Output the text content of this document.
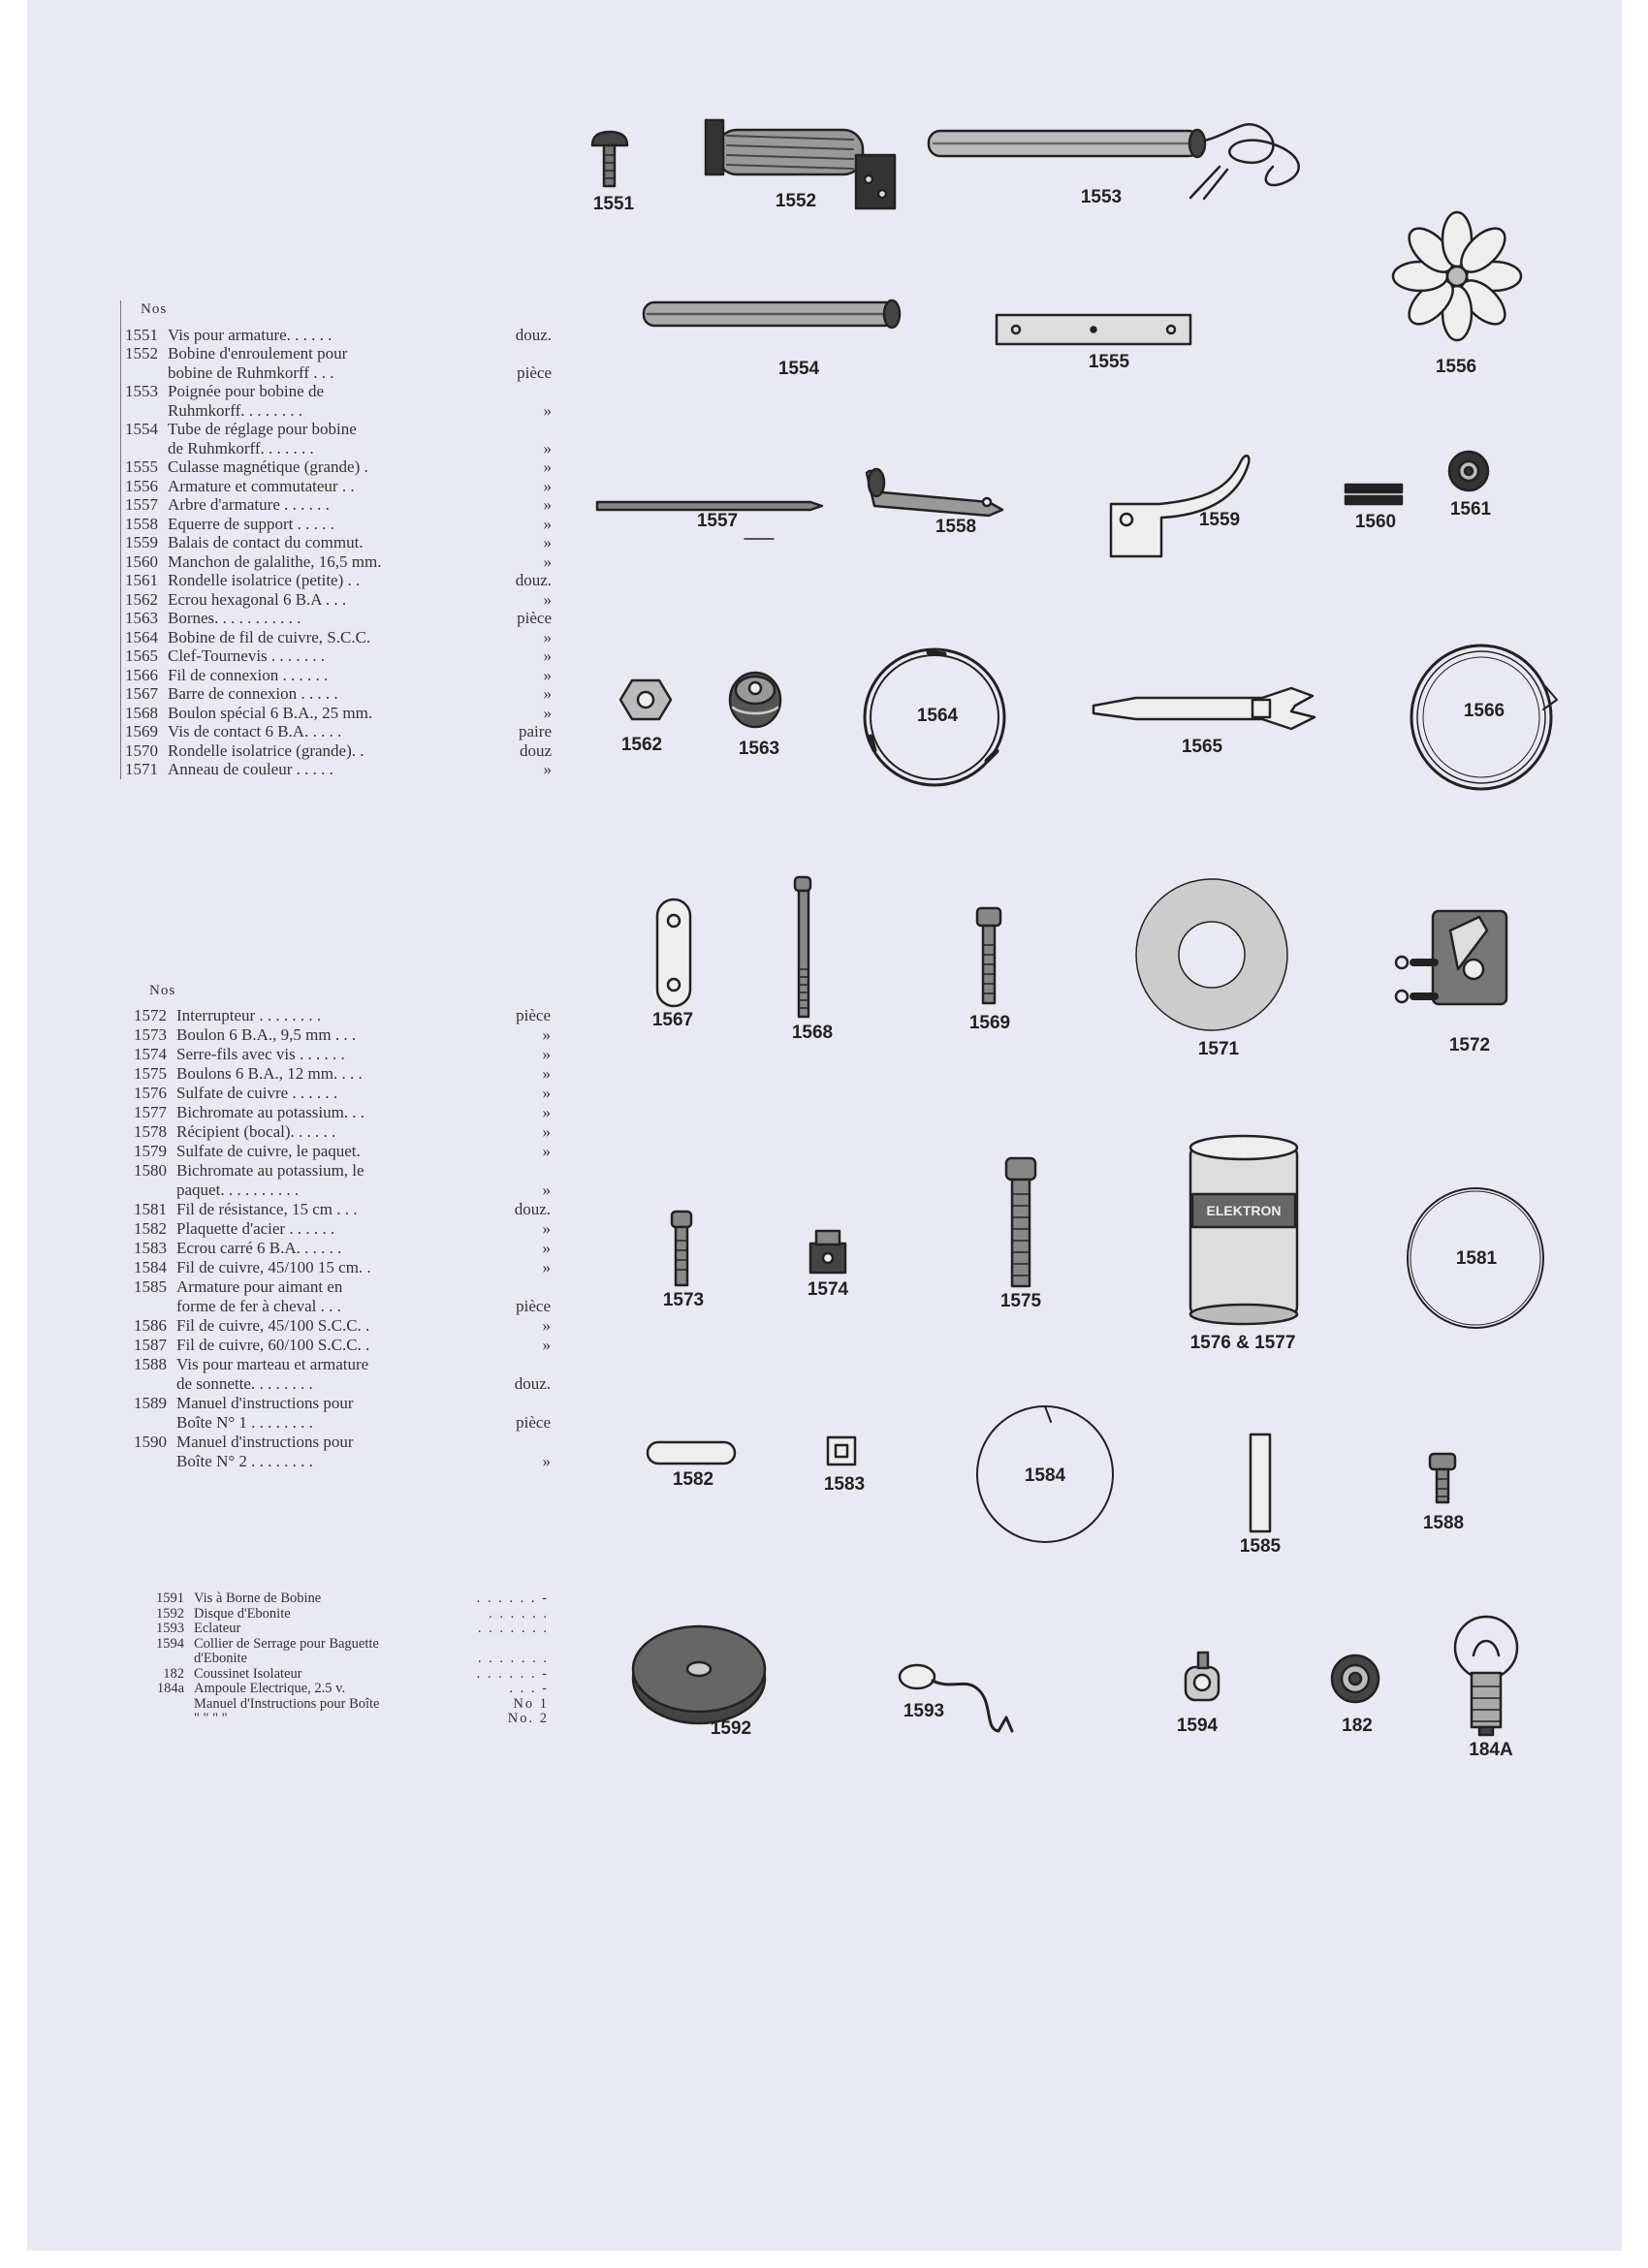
Nos
1551 Vis pour armature. . . . . .	douz.
1552 Bobine d'enroulement pour
bobine de Ruhmkorff . . .	pièce
1553 Poignée pour bobine de
Ruhmkorff. . . . . . . .	»
1554 Tube de réglage pour bobine
de Ruhmkorff. . . . . . .	»
1555 Culasse magnétique (grande) .	»
1556 Armature et commutateur . .	»
1557 Arbre d'armature . . . . . .	»
1558 Equerre de support . . . . .	»
1559 Balais de contact du commut.	»
1560 Manchon de galalithe, 16,5 mm.	»
1561 Rondelle isolatrice (petite) . .	douz.
1562 Ecrou hexagonal 6 B.A . . .	»
1563 Bornes. . . . . . . . . . .	pièce
1564 Bobine de fil de cuivre, S.C.C.	»
1565 Clef-Tournevis . . . . . . .	»
1566 Fil de connexion . . . . . .	»
1567 Barre de connexion . . . . .	»
1568 Boulon spécial 6 B.A., 25 mm.	»
1569 Vis de contact 6 B.A. . . . .	paire
1570 Rondelle isolatrice (grande). .	douz
1571 Anneau de couleur . . . . .	»
Nos
1572 Interrupteur . . . . . . . .	pièce
1573 Boulon 6 B.A., 9,5 mm . . .	»
1574 Serre-fils avec vis . . . . . .	»
1575 Boulons 6 B.A., 12 mm. . . .	»
1576 Sulfate de cuivre . . . . . .	»
1577 Bichromate au potassium. . .	»
1578 Récipient (bocal). . . . . .	»
1579 Sulfate de cuivre, le paquet.	»
1580 Bichromate au potassium, le
paquet. . . . . . . . . .	»
1581 Fil de résistance, 15 cm . . .	douz.
1582 Plaquette d'acier . . . . . .	»
1583 Ecrou carré 6 B.A. . . . . .	»
1584 Fil de cuivre, 45/100 15 cm. .	»
1585 Armature pour aimant en
forme de fer à cheval . . .	pièce
1586 Fil de cuivre, 45/100 S.C.C. .	»
1587 Fil de cuivre, 60/100 S.C.C. .	»
1588 Vis pour marteau et armature
de sonnette. . . . . . . .	douz.
1589 Manuel d'instructions pour
Boîte N° 1 . . . . . . . .	pièce
1590 Manuel d'instructions pour
Boîte N° 2 . . . . . . . .	»
1591 Vis à Borne de Bobine	. . . . . . -
1592 Disque d'Ebonite	. . . . . .
1593 Eclateur	. . . . . . .
1594 Collier de Serrage pour Baguette
d'Ebonite	. . . . . . .
182 Coussinet Isolateur	. . . . . . -
184a Ampoule Electrique, 2.5 v.	. . . -
Manuel d'Instructions pour Boîte	No 1
" " " "	No. 2
ELEKTRON
1551	1552	1553
1554	1555	1556
1557	1558	1559	1560
1561
1562	1563
1564
1565
1566
1567
1568	1569
1571	1572
1573
1574
1575
1576 & 1577
1581
1582	1583	1584
1585
1588
1592
1593
1594	182
184A
